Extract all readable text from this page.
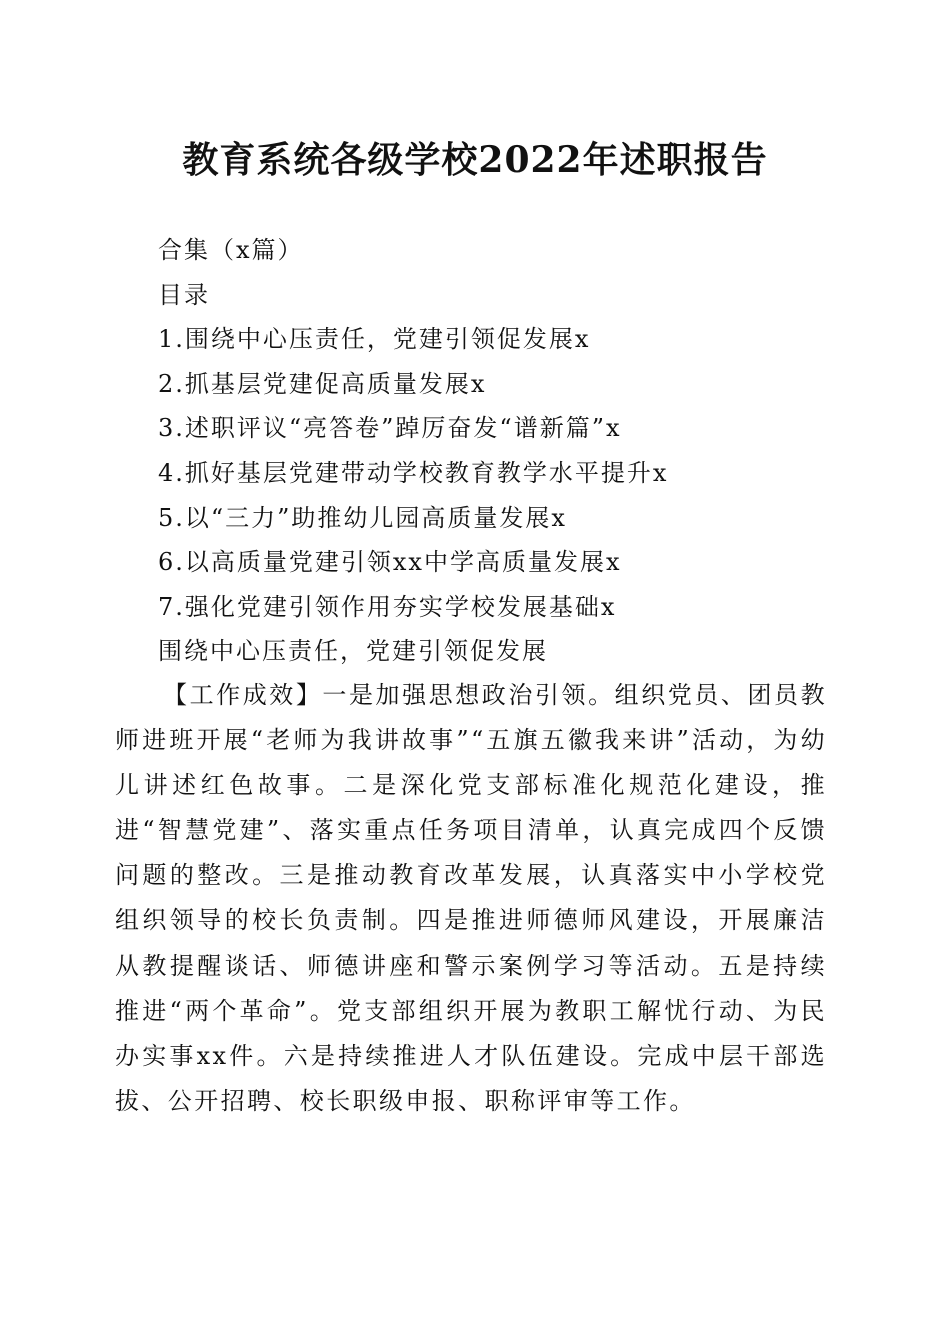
教育系统各级学校2022年述职报告
合集（x篇）
目录
1.围绕中心压责任，党建引领促发展x
2.抓基层党建促高质量发展x
3.述职评议“亮答卷”踔厉奋发“谱新篇”x
4.抓好基层党建带动学校教育教学水平提升x
5.以“三力”助推幼儿园高质量发展x
6.以高质量党建引领xx中学高质量发展x
7.强化党建引领作用夯实学校发展基础x
围绕中心压责任，党建引领促发展

【工作成效】一是加强思想政治引领。组织党员、团员教师进班开展“老师为我讲故事”“五旗五徽我来讲”活动，为幼儿讲述红色故事。二是深化党支部标准化规范化建设，推进“智慧党建”、落实重点任务项目清单，认真完成四个反馈问题的整改。三是推动教育改革发展，认真落实中小学校党组织领导的校长负责制。四是推进师德师风建设，开展廉洁从教提醒谈话、师德讲座和警示案例学习等活动。五是持续推进“两个革命”。党支部组织开展为教职工解忧行动、为民办实事xx件。六是持续推进人才队伍建设。完成中层干部选拔、公开招聘、校长职级申报、职称评审等工作。
